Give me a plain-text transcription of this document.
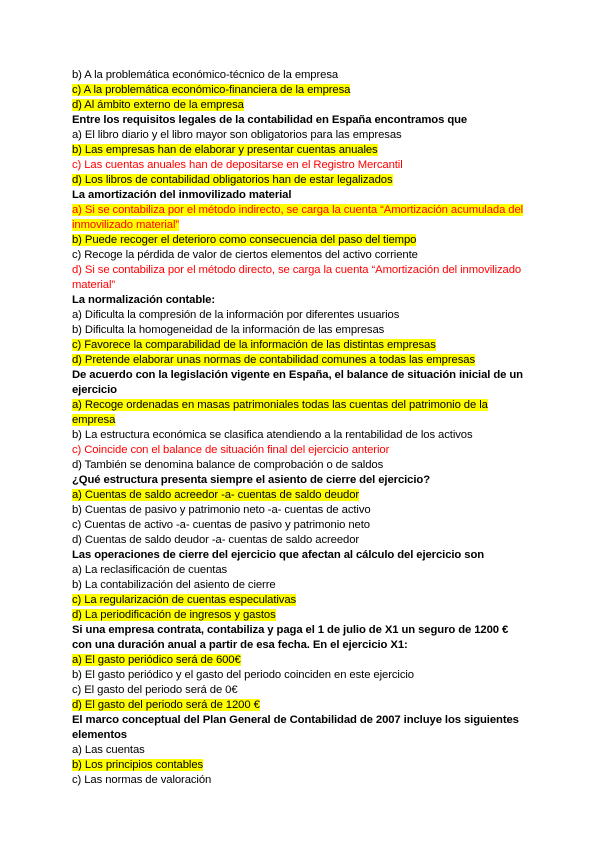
b) A la problemática económico-técnico de la empresa
c) A la problemática económico-financiera de la empresa
d) Al ámbito externo de la empresa
Entre los requisitos legales de la contabilidad en España encontramos que
a) El libro diario y el libro mayor son obligatorios para las empresas
b) Las empresas han de elaborar y presentar cuentas anuales
c) Las cuentas anuales han de depositarse en el Registro Mercantil
d) Los libros de contabilidad obligatorios han de estar legalizados
La amortización del inmovilizado material
a) Si se contabiliza por el método indirecto, se carga la cuenta “Amortización acumulada del
inmovilizado material”
b) Puede recoger el deterioro como consecuencia del paso del tiempo
c) Recoge la pérdida de valor de ciertos elementos del activo corriente
d) Si se contabiliza por el método directo, se carga la cuenta “Amortización del inmovilizado
material”
La normalización contable:
a) Dificulta la compresión de la información por diferentes usuarios
b) Dificulta la homogeneidad de la información de las empresas
c) Favorece la comparabilidad de la información de las distintas empresas
d) Pretende elaborar unas normas de contabilidad comunes a todas las empresas
De acuerdo con la legislación vigente en España, el balance de situación inicial de un
ejercicio
a) Recoge ordenadas en masas patrimoniales todas las cuentas del patrimonio de la
empresa
b) La estructura económica se clasifica atendiendo a la rentabilidad de los activos
c) Coincide con el balance de situación final del ejercicio anterior
d) También se denomina balance de comprobación o de saldos
¿Qué estructura presenta siempre el asiento de cierre del ejercicio?
a) Cuentas de saldo acreedor -a- cuentas de saldo deudor
b) Cuentas de pasivo y patrimonio neto -a- cuentas de activo
c) Cuentas de activo -a- cuentas de pasivo y patrimonio neto
d) Cuentas de saldo deudor -a- cuentas de saldo acreedor
Las operaciones de cierre del ejercicio que afectan al cálculo del ejercicio son
a) La reclasificación de cuentas
b) La contabilización del asiento de cierre
c) La regularización de cuentas especulativas
d) La periodificación de ingresos y gastos
Si una empresa contrata, contabiliza y paga el 1 de julio de X1 un seguro de 1200 €
con una duración anual a partir de esa fecha. En el ejercicio X1:
a) El gasto periódico será de 600€
b) El gasto periódico y el gasto del periodo coinciden en este ejercicio
c) El gasto del periodo será de 0€
d) El gasto del periodo será de 1200 €
El marco conceptual del Plan General de Contabilidad de 2007 incluye los siguientes
elementos
a) Las cuentas
b) Los principios contables
c) Las normas de valoración
